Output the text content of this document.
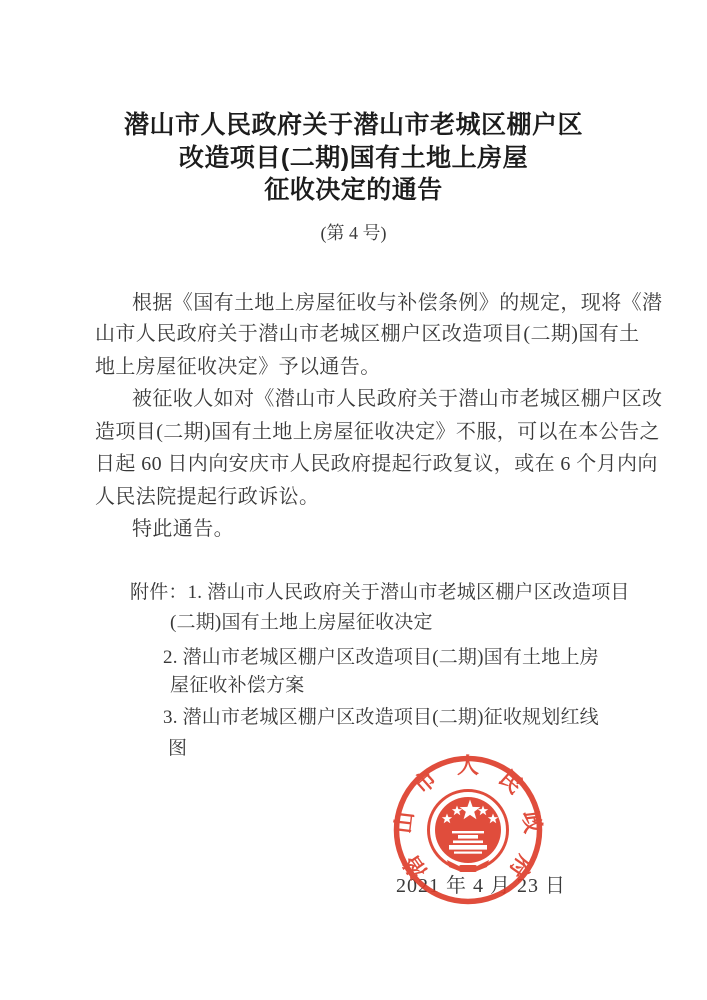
潜山市人民政府关于潜山市老城区棚户区
改造项目(二期)国有土地上房屋
征收决定的通告
(第 4 号)
根据《国有土地上房屋征收与补偿条例》的规定，现将《潜
山市人民政府关于潜山市老城区棚户区改造项目(二期)国有土
地上房屋征收决定》予以通告。
被征收人如对《潜山市人民政府关于潜山市老城区棚户区改
造项目(二期)国有土地上房屋征收决定》不服，可以在本公告之
日起 60 日内向安庆市人民政府提起行政复议，或在 6 个月内向
人民法院提起行政诉讼。
特此通告。
附件：1. 潜山市人民政府关于潜山市老城区棚户区改造项目
(二期)国有土地上房屋征收决定
2. 潜山市老城区棚户区改造项目(二期)国有土地上房
屋征收补偿方案
3. 潜山市老城区棚户区改造项目(二期)征收规划红线
图
2021 年 4 月 23 日
潜
山
市 人 民
政
府
